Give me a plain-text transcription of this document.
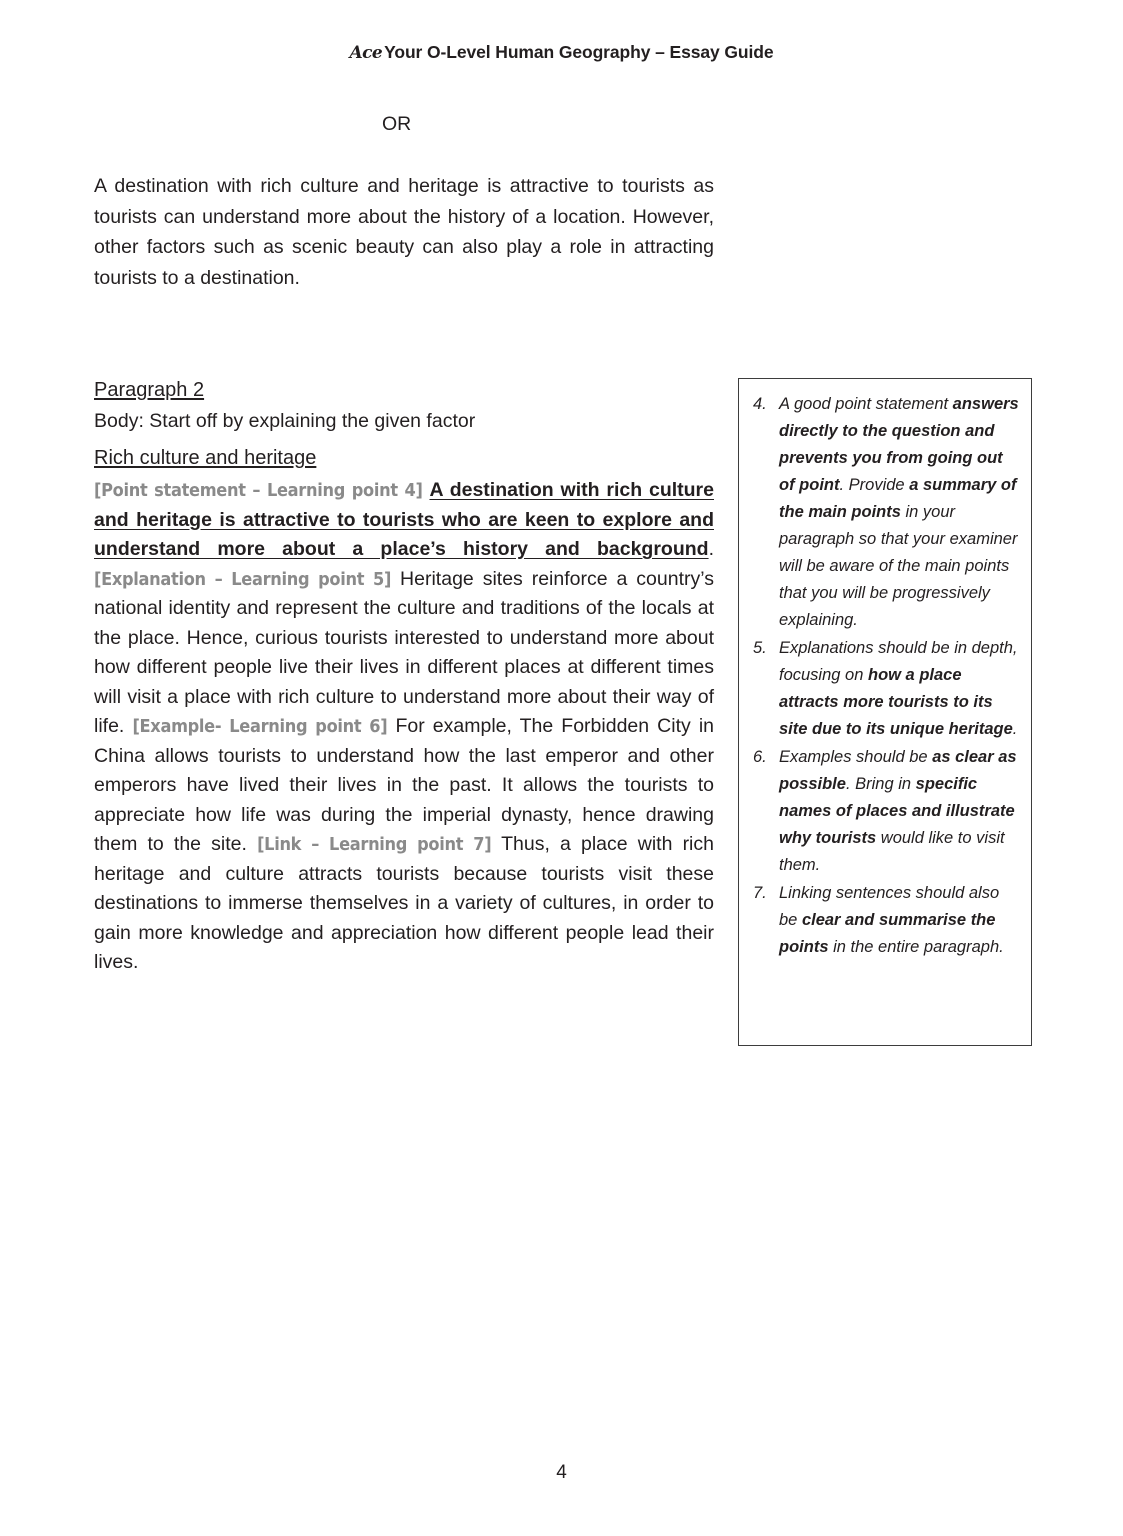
Ace Your O-Level Human Geography – Essay Guide
OR
A destination with rich culture and heritage is attractive to tourists as tourists can understand more about the history of a location. However, other factors such as scenic beauty can also play a role in attracting tourists to a destination.
Paragraph 2
Body: Start off by explaining the given factor
Rich culture and heritage
[Point statement – Learning point 4] A destination with rich culture and heritage is attractive to tourists who are keen to explore and understand more about a place’s history and background. [Explanation – Learning point 5] Heritage sites reinforce a country’s national identity and represent the culture and traditions of the locals at the place. Hence, curious tourists interested to understand more about how different people live their lives in different places at different times will visit a place with rich culture to understand more about their way of life. [Example- Learning point 6] For example, The Forbidden City in China allows tourists to understand how the last emperor and other emperors have lived their lives in the past. It allows the tourists to appreciate how life was during the imperial dynasty, hence drawing them to the site. [Link – Learning point 7] Thus, a place with rich heritage and culture attracts tourists because tourists visit these destinations to immerse themselves in a variety of cultures, in order to gain more knowledge and appreciation how different people lead their lives.
4. A good point statement answers directly to the question and prevents you from going out of point. Provide a summary of the main points in your paragraph so that your examiner will be aware of the main points that you will be progressively explaining.
5. Explanations should be in depth, focusing on how a place attracts more tourists to its site due to its unique heritage.
6. Examples should be as clear as possible. Bring in specific names of places and illustrate why tourists would like to visit them.
7. Linking sentences should also be clear and summarise the points in the entire paragraph.
4
